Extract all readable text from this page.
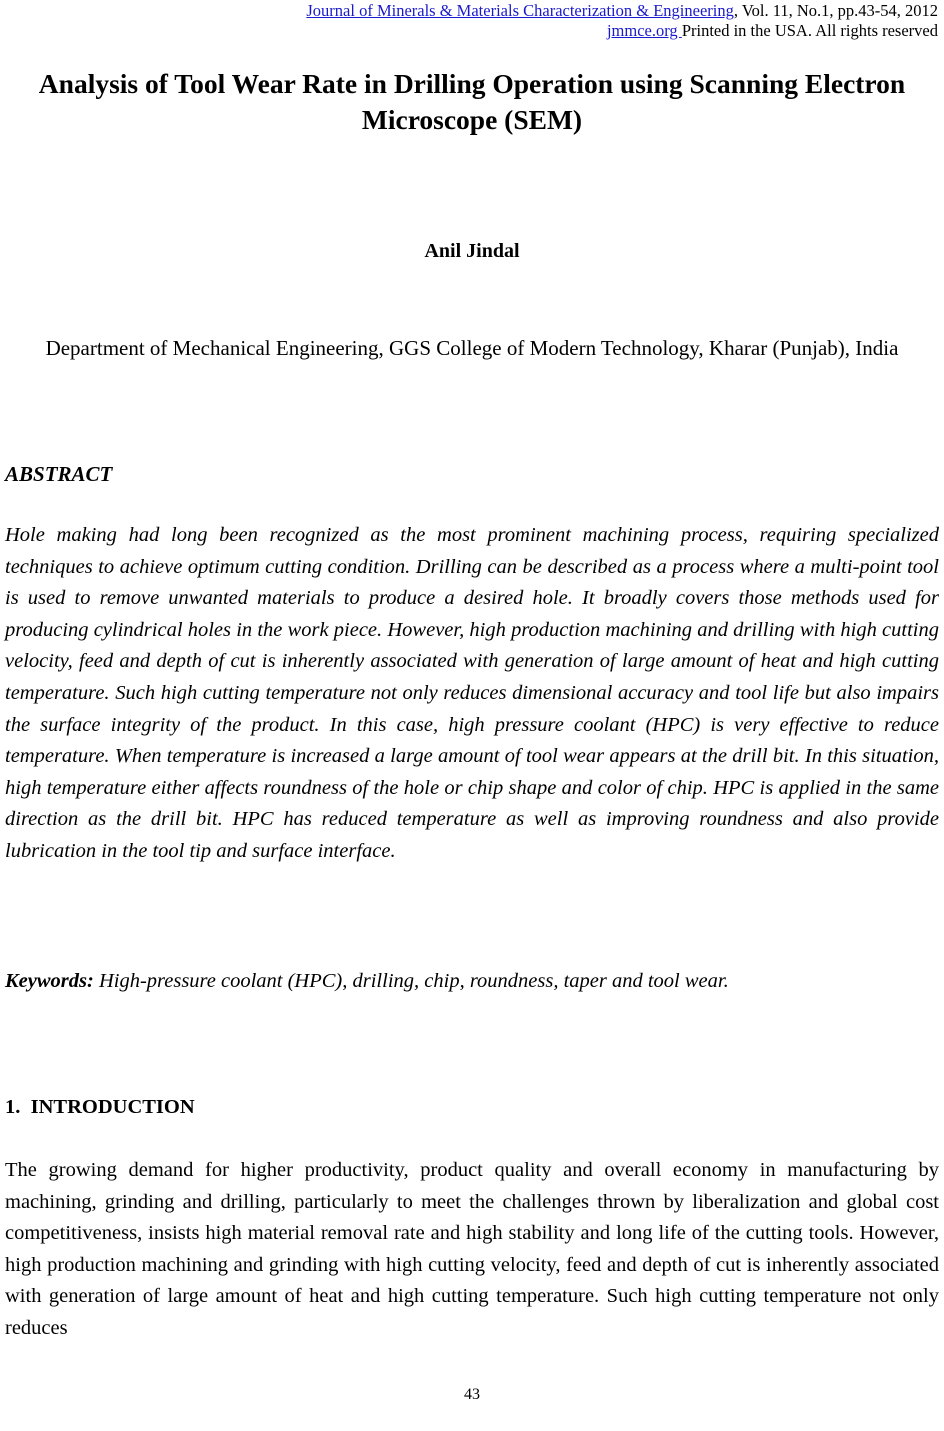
Journal of Minerals & Materials Characterization & Engineering, Vol. 11, No.1, pp.43-54, 2012
jmmce.org Printed in the USA. All rights reserved
Analysis of Tool Wear Rate in Drilling Operation using Scanning Electron Microscope (SEM)
Anil Jindal
Department of Mechanical Engineering, GGS College of Modern Technology, Kharar (Punjab), India
ABSTRACT

Hole making had long been recognized as the most prominent machining process, requiring specialized techniques to achieve optimum cutting condition. Drilling can be described as a process where a multi-point tool is used to remove unwanted materials to produce a desired hole. It broadly covers those methods used for producing cylindrical holes in the work piece. However, high production machining and drilling with high cutting velocity, feed and depth of cut is inherently associated with generation of large amount of heat and high cutting temperature. Such high cutting temperature not only reduces dimensional accuracy and tool life but also impairs the surface integrity of the product. In this case, high pressure coolant (HPC) is very effective to reduce temperature. When temperature is increased a large amount of tool wear appears at the drill bit. In this situation, high temperature either affects roundness of the hole or chip shape and color of chip. HPC is applied in the same direction as the drill bit. HPC has reduced temperature as well as improving roundness and also provide lubrication in the tool tip and surface interface.

Keywords: High-pressure coolant (HPC), drilling, chip, roundness, taper and tool wear.

1.  INTRODUCTION

The growing demand for higher productivity, product quality and overall economy in manufacturing by machining, grinding and drilling, particularly to meet the challenges thrown by liberalization and global cost competitiveness, insists high material removal rate and high stability and long life of the cutting tools. However, high production machining and grinding with high cutting velocity, feed and depth of cut is inherently associated with generation of large amount of heat and high cutting temperature. Such high cutting temperature not only reduces

43
